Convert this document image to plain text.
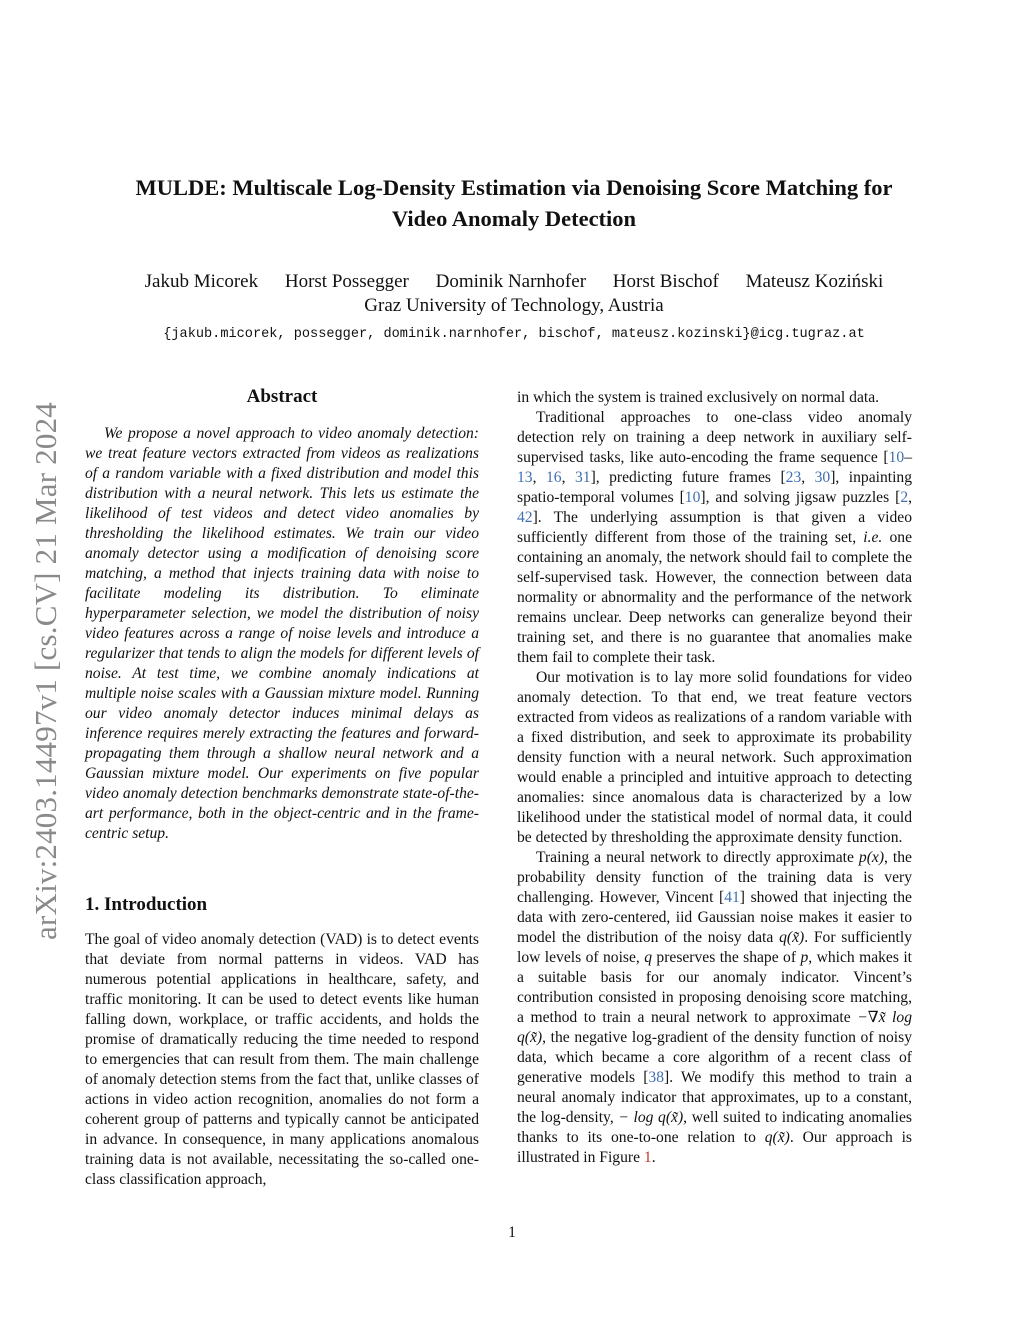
arXiv:2403.14497v1 [cs.CV] 21 Mar 2024
MULDE: Multiscale Log-Density Estimation via Denoising Score Matching for
Video Anomaly Detection
Jakub Micorek Horst Possegger Dominik Narnhofer Horst Bischof Mateusz Koziński
Graz University of Technology, Austria
{jakub.micorek, possegger, dominik.narnhofer, bischof, mateusz.kozinski}@icg.tugraz.at
Abstract

We propose a novel approach to video anomaly detection: we treat feature vectors extracted from videos as realizations of a random variable with a fixed distribution and model this distribution with a neural network. This lets us estimate the likelihood of test videos and detect video anomalies by thresholding the likelihood estimates. We train our video anomaly detector using a modification of denoising score matching, a method that injects training data with noise to facilitate modeling its distribution. To eliminate hyperparameter selection, we model the distribution of noisy video features across a range of noise levels and introduce a regularizer that tends to align the models for different levels of noise. At test time, we combine anomaly indications at multiple noise scales with a Gaussian mixture model. Running our video anomaly detector induces minimal delays as inference requires merely extracting the features and forward-propagating them through a shallow neural network and a Gaussian mixture model. Our experiments on five popular video anomaly detection benchmarks demonstrate state-of-the-art performance, both in the object-centric and in the frame-centric setup.

1. Introduction

The goal of video anomaly detection (VAD) is to detect events that deviate from normal patterns in videos. VAD has numerous potential applications in healthcare, safety, and traffic monitoring. It can be used to detect events like human falling down, workplace, or traffic accidents, and holds the promise of dramatically reducing the time needed to respond to emergencies that can result from them. The main challenge of anomaly detection stems from the fact that, unlike classes of actions in video action recognition, anomalies do not form a coherent group of patterns and typically cannot be anticipated in advance. In consequence, in many applications anomalous training data is not available, necessitating the so-called one-class classification approach,

in which the system is trained exclusively on normal data.

Traditional approaches to one-class video anomaly detection rely on training a deep network in auxiliary self-supervised tasks, like auto-encoding the frame sequence [10–13, 16, 31], predicting future frames [23, 30], inpainting spatio-temporal volumes [10], and solving jigsaw puzzles [2, 42]. The underlying assumption is that given a video sufficiently different from those of the training set, i.e. one containing an anomaly, the network should fail to complete the self-supervised task. However, the connection between data normality or abnormality and the performance of the network remains unclear. Deep networks can generalize beyond their training set, and there is no guarantee that anomalies make them fail to complete their task.

Our motivation is to lay more solid foundations for video anomaly detection. To that end, we treat feature vectors extracted from videos as realizations of a random variable with a fixed distribution, and seek to approximate its probability density function with a neural network. Such approximation would enable a principled and intuitive approach to detecting anomalies: since anomalous data is characterized by a low likelihood under the statistical model of normal data, it could be detected by thresholding the approximate density function.

Training a neural network to directly approximate p(x), the probability density function of the training data is very challenging. However, Vincent [41] showed that injecting the data with zero-centered, iid Gaussian noise makes it easier to model the distribution of the noisy data q(x̃). For sufficiently low levels of noise, q preserves the shape of p, which makes it a suitable basis for our anomaly indicator. Vincent’s contribution consisted in proposing denoising score matching, a method to train a neural network to approximate −∇x̃ log q(x̃), the negative log-gradient of the density function of noisy data, which became a core algorithm of a recent class of generative models [38]. We modify this method to train a neural anomaly indicator that approximates, up to a constant, the log-density, − log q(x̃), well suited to indicating anomalies thanks to its one-to-one relation to q(x̃). Our approach is illustrated in Figure 1.

1
